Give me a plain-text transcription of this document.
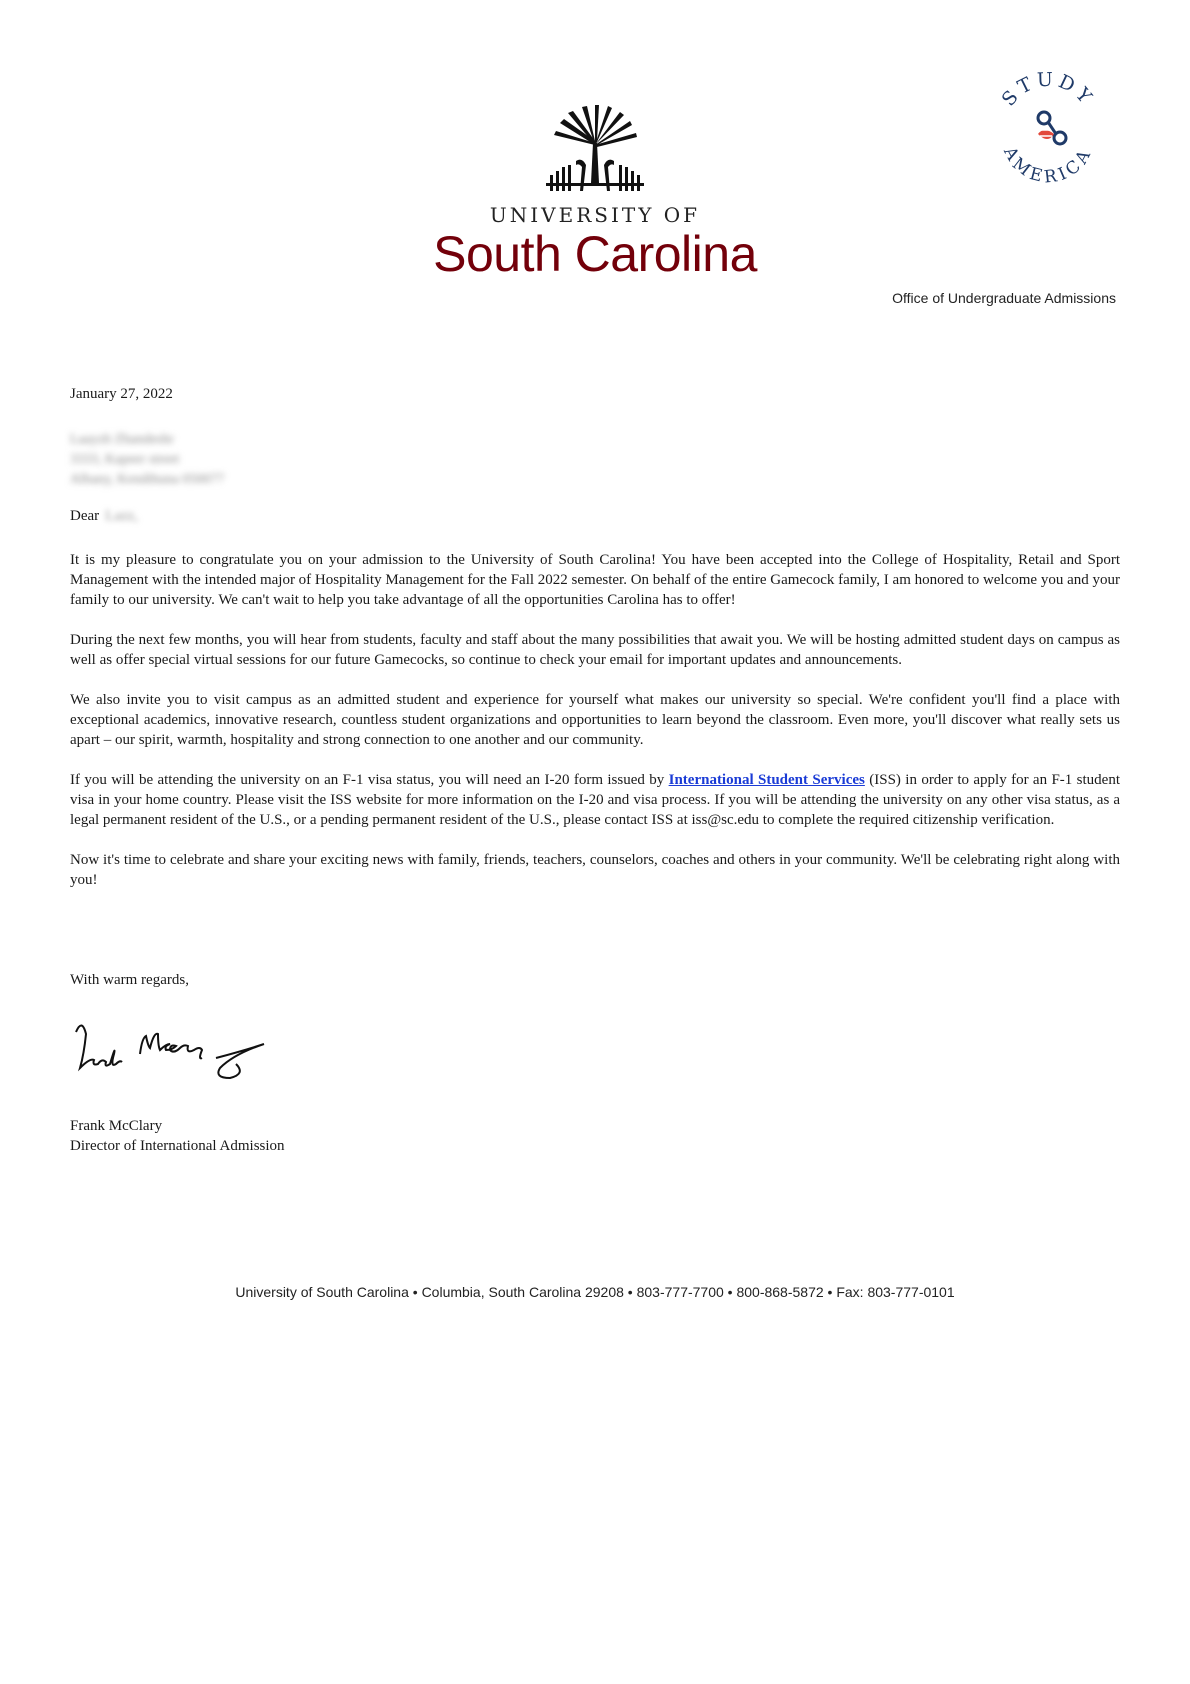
UNIVERSITY OF
South Carolina
STUDY
AMERICA
Office of Undergraduate Admissions
January 27, 2022
Laayzh Zhandeshr
3333, Kapeer street
Albany, Kendihuna 050077
Dear Lazz,

It is my pleasure to congratulate you on your admission to the University of South Carolina! You have been accepted into the College of Hospitality, Retail and Sport Management with the intended major of Hospitality Management for the Fall 2022 semester. On behalf of the entire Gamecock family, I am honored to welcome you and your family to our university. We can't wait to help you take advantage of all the opportunities Carolina has to offer!

During the next few months, you will hear from students, faculty and staff about the many possibilities that await you. We will be hosting admitted student days on campus as well as offer special virtual sessions for our future Gamecocks, so continue to check your email for important updates and announcements.

We also invite you to visit campus as an admitted student and experience for yourself what makes our university so special. We're confident you'll find a place with exceptional academics, innovative research, countless student organizations and opportunities to learn beyond the classroom. Even more, you'll discover what really sets us apart – our spirit, warmth, hospitality and strong connection to one another and our community.

If you will be attending the university on an F-1 visa status, you will need an I-20 form issued by International Student Services (ISS) in order to apply for an F-1 student visa in your home country. Please visit the ISS website for more information on the I-20 and visa process. If you will be attending the university on any other visa status, as a legal permanent resident of the U.S., or a pending permanent resident of the U.S., please contact ISS at iss@sc.edu to complete the required citizenship verification.

Now it's time to celebrate and share your exciting news with family, friends, teachers, counselors, coaches and others in your community. We'll be celebrating right along with you!

With warm regards,
Frank McClary
Director of International Admission
University of South Carolina • Columbia, South Carolina 29208 • 803-777-7700 • 800-868-5872 • Fax: 803-777-0101
